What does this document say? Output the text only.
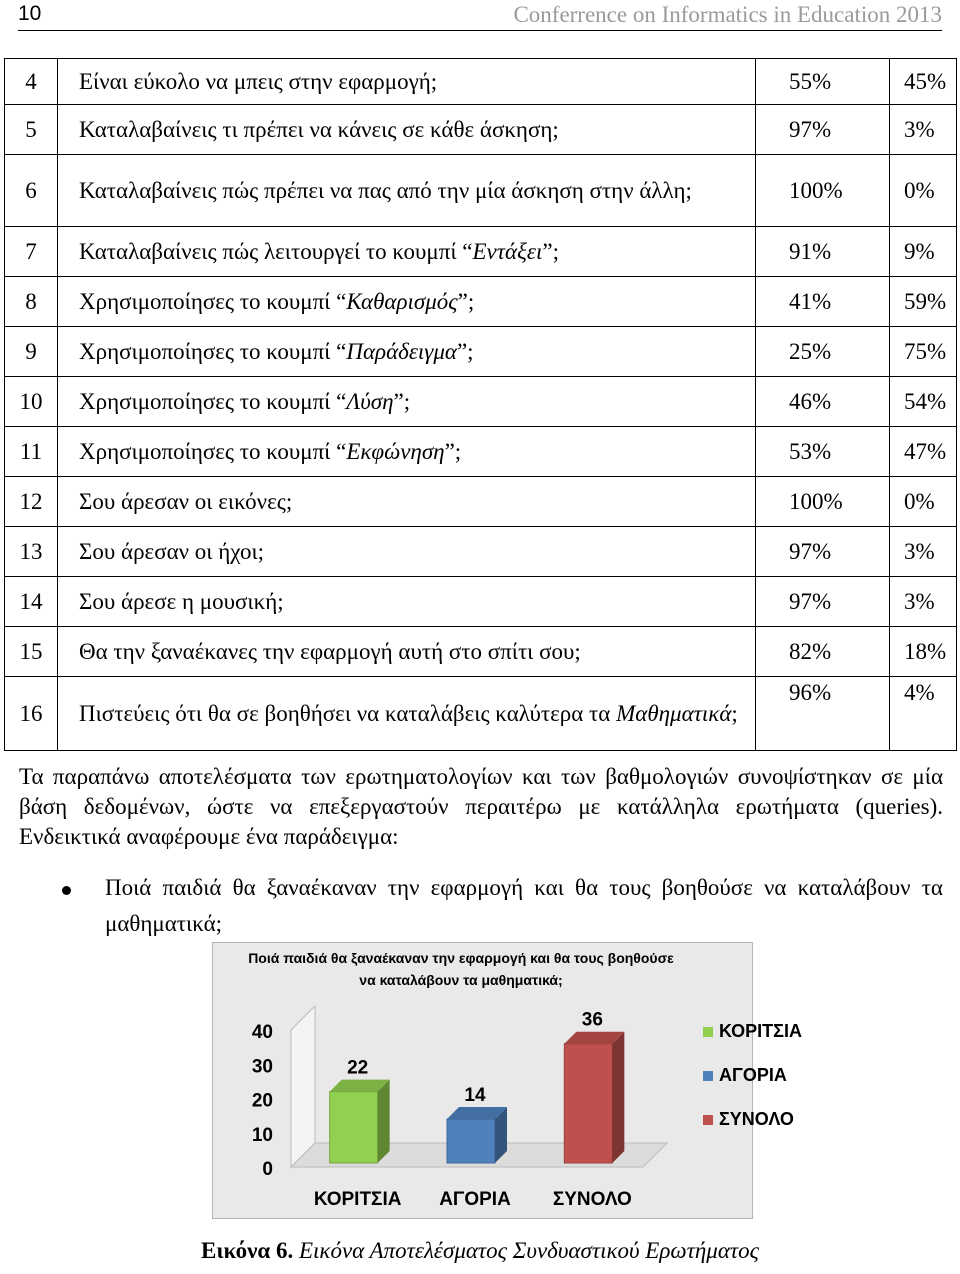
10	Conferrence on Informatics in Education 2013
4	Είναι εύκολο να μπεις στην εφαρμογή;	55%	45%
5	Καταλαβαίνεις τι πρέπει να κάνεις σε κάθε άσκηση;	97%	3%
6	Καταλαβαίνεις πώς πρέπει να πας από την μία άσκηση στην άλλη;	100%	0%
7	Καταλαβαίνεις πώς λειτουργεί το κουμπί “Εντάξει”;	91%	9%
8	Χρησιμοποίησες το κουμπί “Καθαρισμός”;	41%	59%
9	Χρησιμοποίησες το κουμπί “Παράδειγμα”;	25%	75%
10	Χρησιμοποίησες το κουμπί “Λύση”;	46%	54%
11	Χρησιμοποίησες το κουμπί “Εκφώνηση”;	53%	47%
12	Σου άρεσαν οι εικόνες;	100%	0%
13	Σου άρεσαν οι ήχοι;	97%	3%
14	Σου άρεσε η μουσική;	97%	3%
15	Θα την ξαναέκανες την εφαρμογή αυτή στο σπίτι σου;	82%	18%
16	Πιστεύεις ότι θα σε βοηθήσει να καταλάβεις καλύτερα τα Μαθηματικά;	96%	4%
Τα παραπάνω αποτελέσματα των ερωτηματολογίων και των βαθμολογιών συνοψίστηκαν σε μία βάση δεδομένων, ώστε να επεξεργαστούν περαιτέρω με κατάλληλα ερωτήματα (queries). Ενδεικτικά αναφέρουμε ένα παράδειγμα:
Ποιά παιδιά θα ξαναέκαναν την εφαρμογή και θα τους βοηθούσε να καταλάβουν τα μαθηματικά;
Ποιά παιδιά θα ξαναέκαναν την εφαρμογή και θα τους βοηθούσε
να καταλάβουν τα μαθηματικά;
0
10
20
30
40
22
ΚΟΡΙΤΣΙΑ
14
ΑΓΟΡΙΑ
36
ΣΥΝΟΛΟ
ΚΟΡΙΤΣΙΑ
ΑΓΟΡΙΑ
ΣΥΝΟΛΟ
Εικόνα 6. Εικόνα Αποτελέσματος Συνδυαστικού Ερωτήματος
